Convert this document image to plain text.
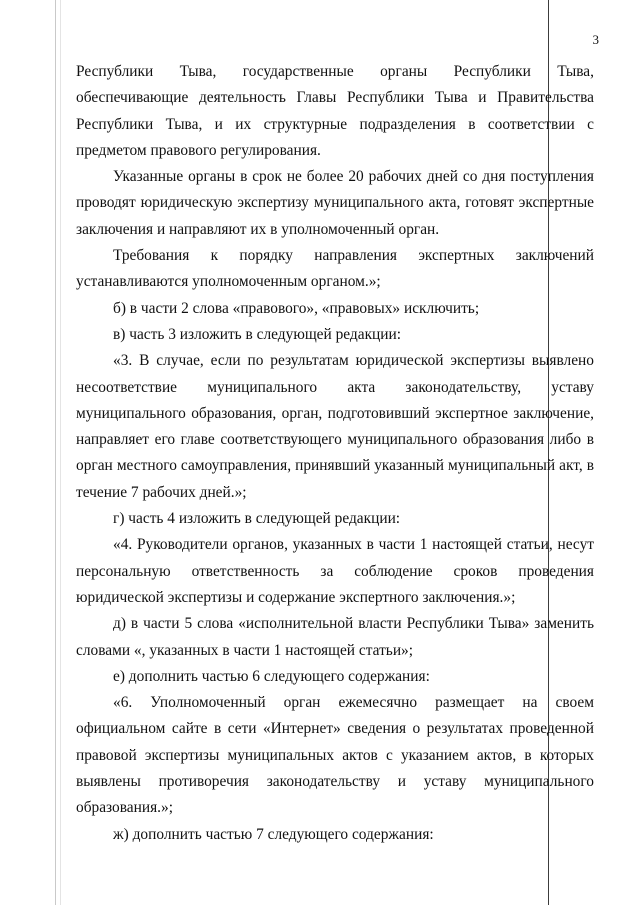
3

Республики Тыва, государственные органы Республики Тыва, обеспечивающие деятельность Главы Республики Тыва и Правительства Республики Тыва, и их структурные подразделения в соответствии с предметом правового регулирования.

Указанные органы в срок не более 20 рабочих дней со дня поступления проводят юридическую экспертизу муниципального акта, готовят экспертные заключения и направляют их в уполномоченный орган.

Требования к порядку направления экспертных заключений устанавливаются уполномоченным органом.»;

б) в части 2 слова «правового», «правовых» исключить;

в) часть 3 изложить в следующей редакции:

«3. В случае, если по результатам юридической экспертизы выявлено несоответствие муниципального акта законодательству, уставу муниципального образования, орган, подготовивший экспертное заключение, направляет его главе соответствующего муниципального образования либо в орган местного самоуправления, принявший указанный муниципальный акт, в течение 7 рабочих дней.»;

г) часть 4 изложить в следующей редакции:

«4. Руководители органов, указанных в части 1 настоящей статьи, несут персональную ответственность за соблюдение сроков проведения юридической экспертизы и содержание экспертного заключения.»;

д) в части 5 слова «исполнительной власти Республики Тыва» заменить словами «, указанных в части 1 настоящей статьи»;

е) дополнить частью 6 следующего содержания:

«6. Уполномоченный орган ежемесячно размещает на своем официальном сайте в сети «Интернет» сведения о результатах проведенной правовой экспертизы муниципальных актов с указанием актов, в которых выявлены противоречия законодательству и уставу муниципального образования.»;

ж) дополнить частью 7 следующего содержания:
